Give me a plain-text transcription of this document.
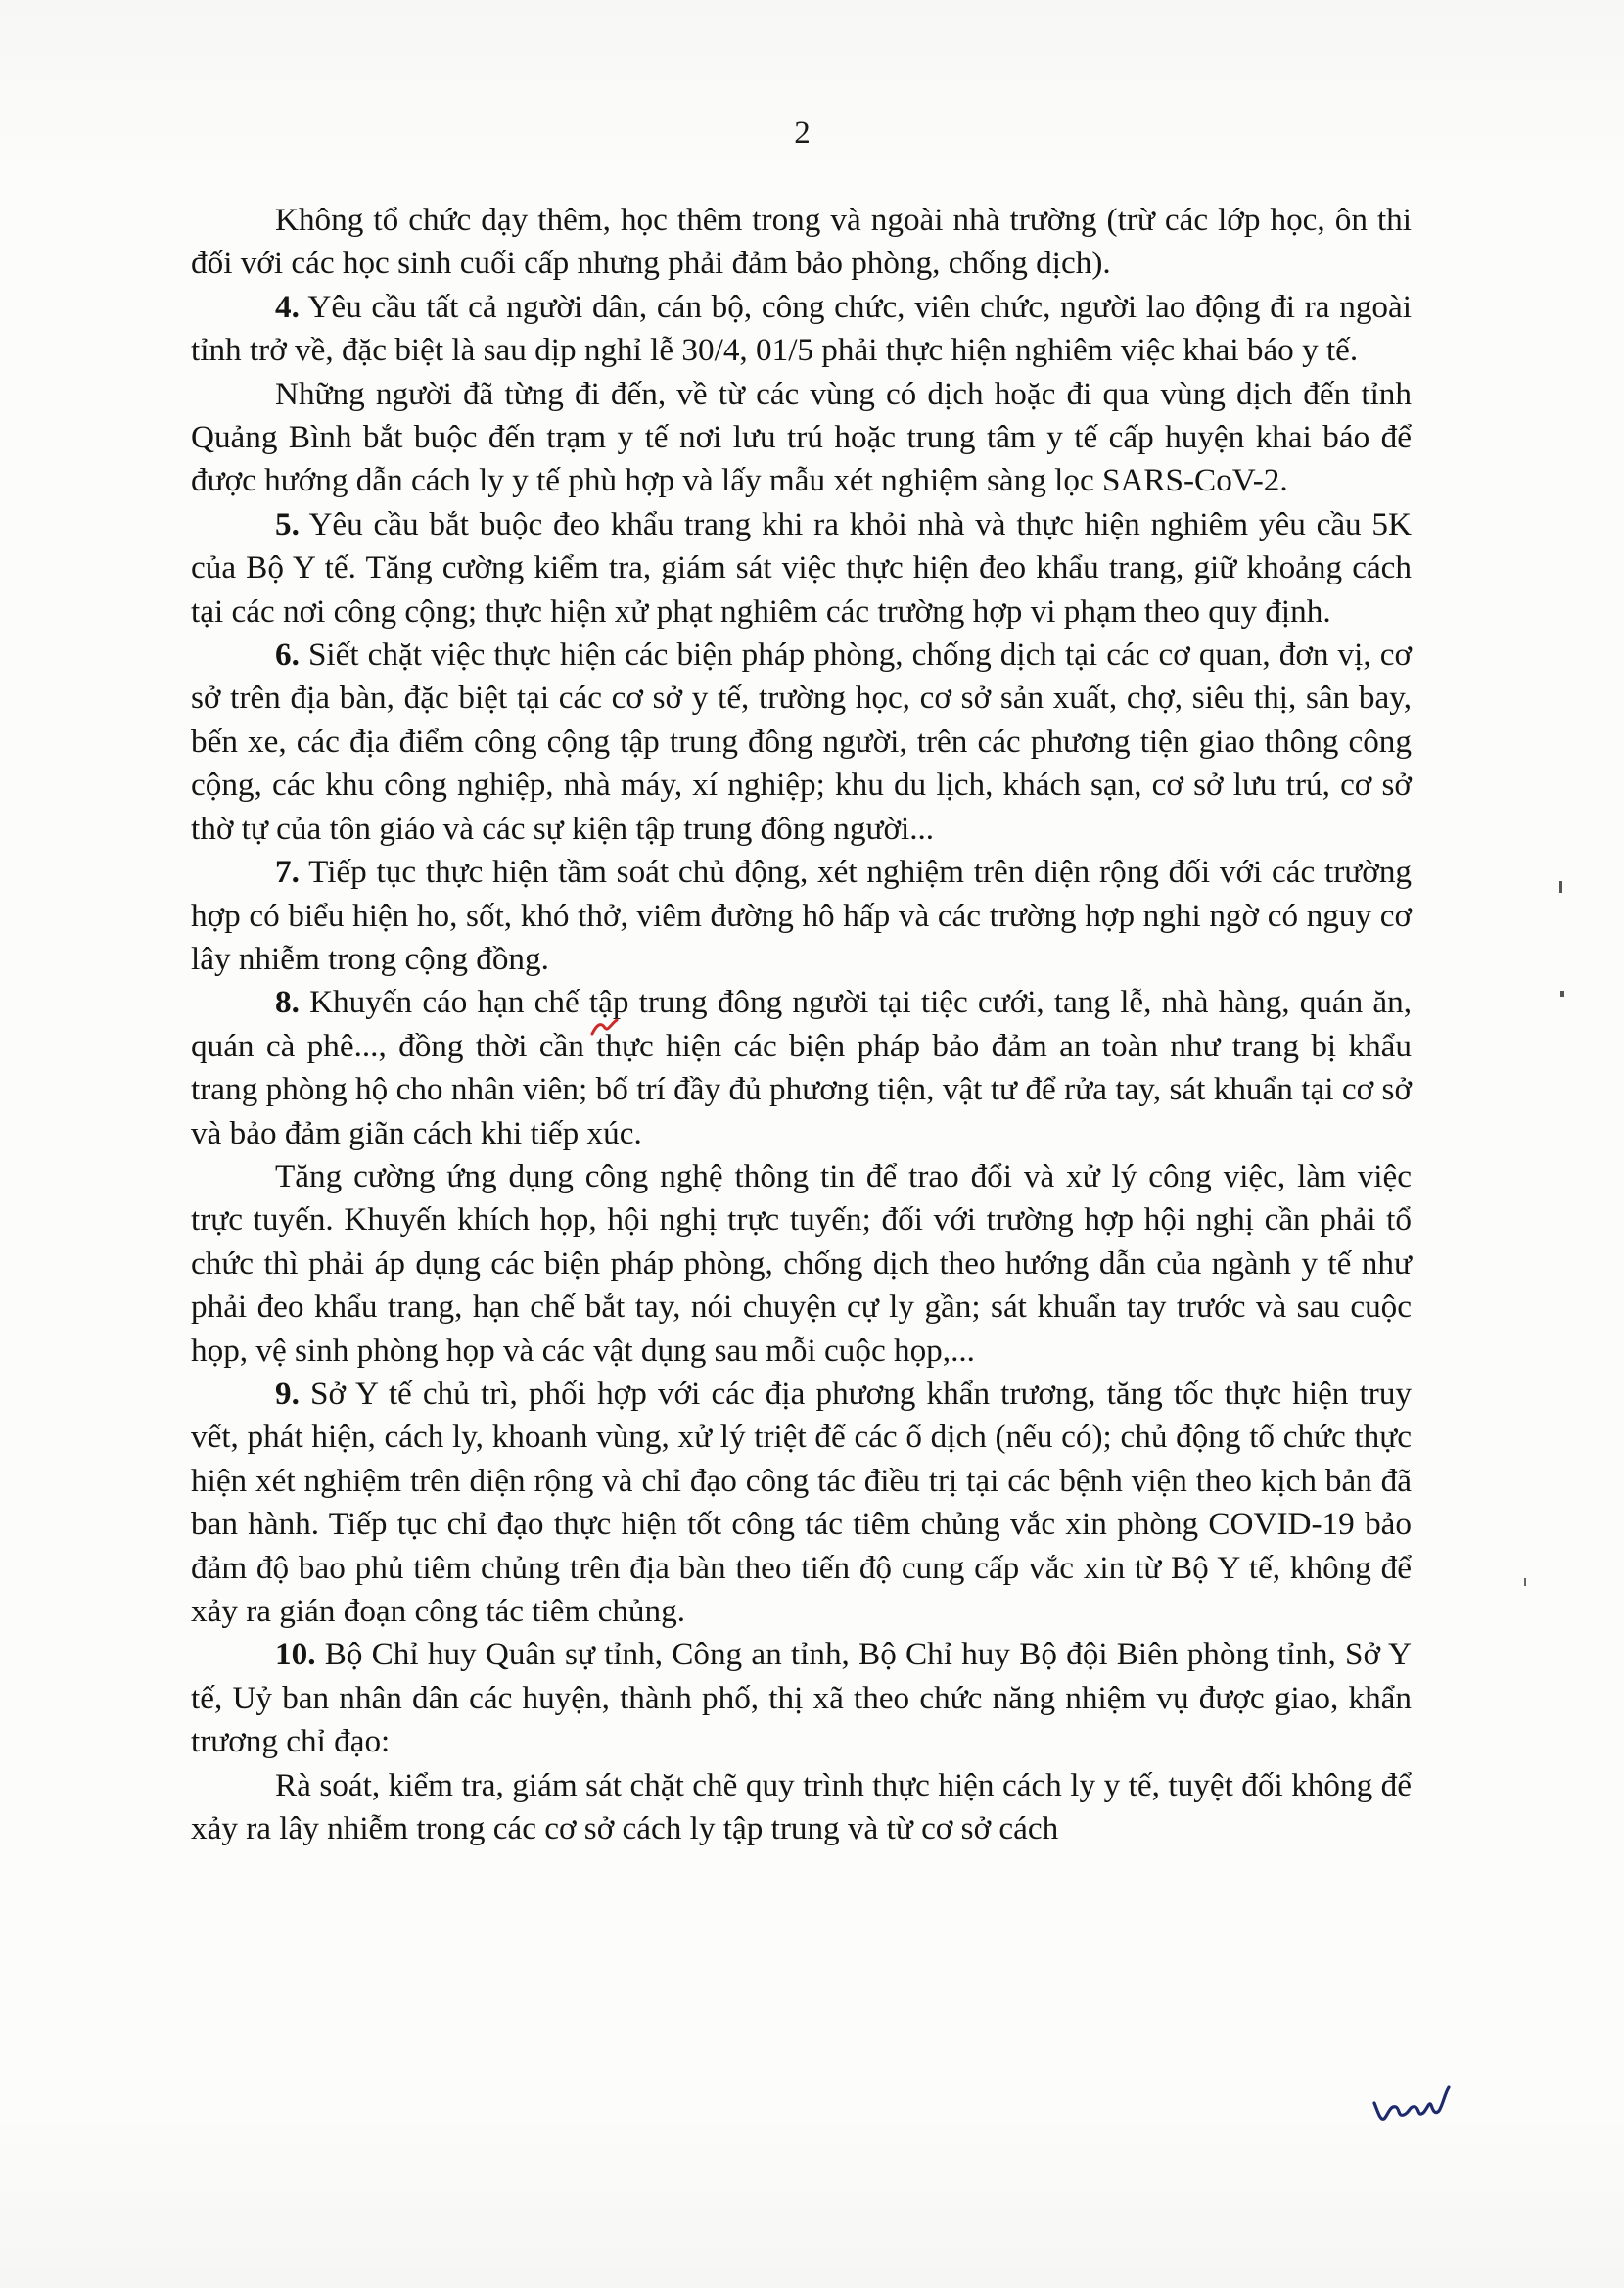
2

Không tổ chức dạy thêm, học thêm trong và ngoài nhà trường (trừ các lớp học, ôn thi đối với các học sinh cuối cấp nhưng phải đảm bảo phòng, chống dịch).

4. Yêu cầu tất cả người dân, cán bộ, công chức, viên chức, người lao động đi ra ngoài tỉnh trở về, đặc biệt là sau dịp nghỉ lễ 30/4, 01/5 phải thực hiện nghiêm việc khai báo y tế.

Những người đã từng đi đến, về từ các vùng có dịch hoặc đi qua vùng dịch đến tỉnh Quảng Bình bắt buộc đến trạm y tế nơi lưu trú hoặc trung tâm y tế cấp huyện khai báo để được hướng dẫn cách ly y tế phù hợp và lấy mẫu xét nghiệm sàng lọc SARS-CoV-2.

5. Yêu cầu bắt buộc đeo khẩu trang khi ra khỏi nhà và thực hiện nghiêm yêu cầu 5K của Bộ Y tế. Tăng cường kiểm tra, giám sát việc thực hiện đeo khẩu trang, giữ khoảng cách tại các nơi công cộng; thực hiện xử phạt nghiêm các trường hợp vi phạm theo quy định.

6. Siết chặt việc thực hiện các biện pháp phòng, chống dịch tại các cơ quan, đơn vị, cơ sở trên địa bàn, đặc biệt tại các cơ sở y tế, trường học, cơ sở sản xuất, chợ, siêu thị, sân bay, bến xe, các địa điểm công cộng tập trung đông người, trên các phương tiện giao thông công cộng, các khu công nghiệp, nhà máy, xí nghiệp; khu du lịch, khách sạn, cơ sở lưu trú, cơ sở thờ tự của tôn giáo và các sự kiện tập trung đông người...

7. Tiếp tục thực hiện tầm soát chủ động, xét nghiệm trên diện rộng đối với các trường hợp có biểu hiện ho, sốt, khó thở, viêm đường hô hấp và các trường hợp nghi ngờ có nguy cơ lây nhiễm trong cộng đồng.

8. Khuyến cáo hạn chế tập trung đông người tại tiệc cưới, tang lễ, nhà hàng, quán ăn, quán cà phê..., đồng thời cần thực hiện các biện pháp bảo đảm an toàn như trang bị khẩu trang phòng hộ cho nhân viên; bố trí đầy đủ phương tiện, vật tư để rửa tay, sát khuẩn tại cơ sở và bảo đảm giãn cách khi tiếp xúc.

Tăng cường ứng dụng công nghệ thông tin để trao đổi và xử lý công việc, làm việc trực tuyến. Khuyến khích họp, hội nghị trực tuyến; đối với trường hợp hội nghị cần phải tổ chức thì phải áp dụng các biện pháp phòng, chống dịch theo hướng dẫn của ngành y tế như phải đeo khẩu trang, hạn chế bắt tay, nói chuyện cự ly gần; sát khuẩn tay trước và sau cuộc họp, vệ sinh phòng họp và các vật dụng sau mỗi cuộc họp,...

9. Sở Y tế chủ trì, phối hợp với các địa phương khẩn trương, tăng tốc thực hiện truy vết, phát hiện, cách ly, khoanh vùng, xử lý triệt để các ổ dịch (nếu có); chủ động tổ chức thực hiện xét nghiệm trên diện rộng và chỉ đạo công tác điều trị tại các bệnh viện theo kịch bản đã ban hành. Tiếp tục chỉ đạo thực hiện tốt công tác tiêm chủng vắc xin phòng COVID-19 bảo đảm độ bao phủ tiêm chủng trên địa bàn theo tiến độ cung cấp vắc xin từ Bộ Y tế, không để xảy ra gián đoạn công tác tiêm chủng.

10. Bộ Chỉ huy Quân sự tỉnh, Công an tỉnh, Bộ Chỉ huy Bộ đội Biên phòng tỉnh, Sở Y tế, Uỷ ban nhân dân các huyện, thành phố, thị xã theo chức năng nhiệm vụ được giao, khẩn trương chỉ đạo:

Rà soát, kiểm tra, giám sát chặt chẽ quy trình thực hiện cách ly y tế, tuyệt đối không để xảy ra lây nhiễm trong các cơ sở cách ly tập trung và từ cơ sở cách
